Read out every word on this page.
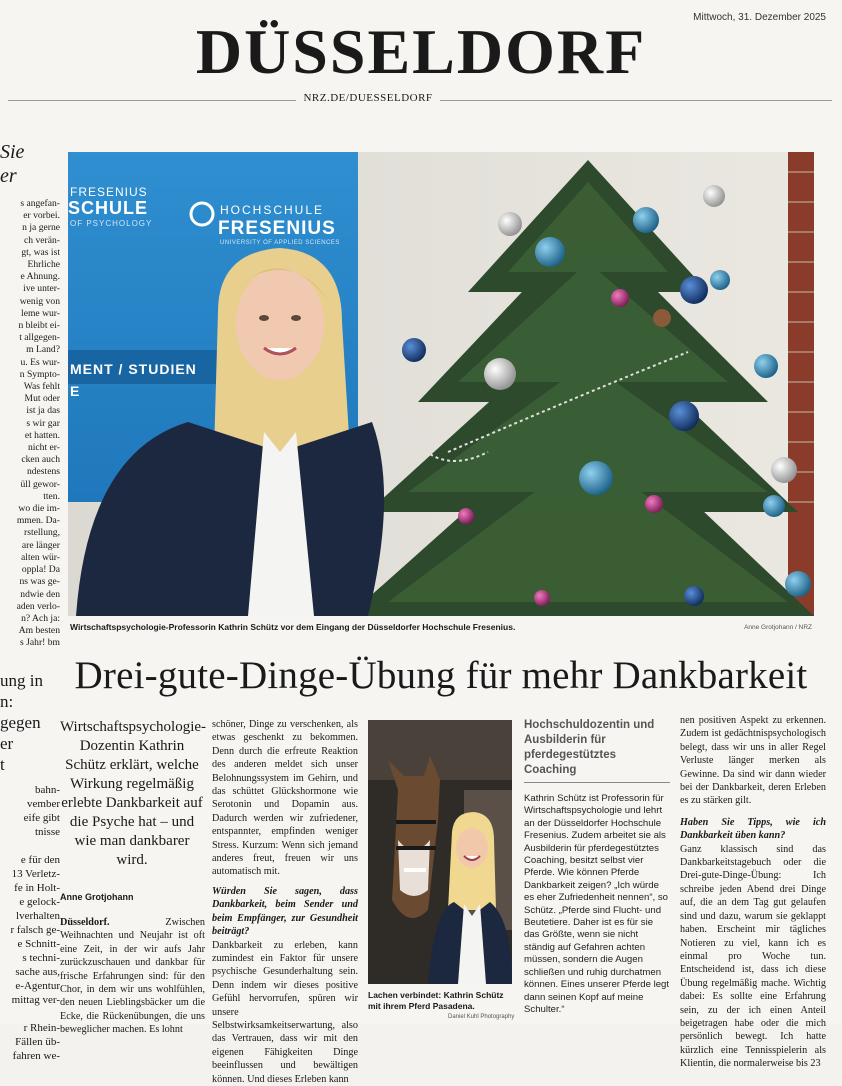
Mittwoch, 31. Dezember 2025
DÜSSELDORF
NRZ.DE/DUESSELDORF
Sie
er
s angefan-
er vorbei.
n ja gerne
ch verän-
gt, was ist
Ehrliche
e Ahnung.
ive unter-
wenig von
leme wur-
n bleibt ei-
t allgegen-
m Land?
u. Es wur-
n Sympto-
Was fehlt
Mut oder
ist ja das
s wir gar
et hatten.
nicht er-
cken auch
ndestens
üll gewor-
tten.
wo die im-
mmen. Da-
rstellung,
are länger
alten wür-
oppla! Da
ns was ge-
ndwie den
aden verlo-
n? Ach ja:
Am besten
s Jahr! bm
ung in
n:
gegen
er
t
bahn-
vember
eife gibt
tnisse

e für den
13 Verletz-
fe in Holt-
e gelock-
lverhalten
r falsch ge-
e Schnitt-
s techni-
sache aus,
e-Agentur
mittag ver-

r Rhein-
Fällen üb-
fahren we-
FRESENIUS
SCHULE
OF PSYCHOLOGY
HOCHSCHULE
FRESENIUS
UNIVERSITY OF APPLIED SCIENCES
MENT / STUDIEN
E
Wirtschaftspsychologie-Professorin Kathrin Schütz vor dem Eingang der Düsseldorfer Hochschule Fresenius.	Anne Grotjohann / NRZ
Drei-gute-Dinge-Übung für mehr Dankbarkeit
Wirtschaftspsychologie-Dozentin Kathrin Schütz erklärt, welche Wirkung regelmäßig erlebte Dankbarkeit auf die Psyche hat – und wie man dankbarer wird.
Anne Grotjohann

Düsseldorf.	Zwischen Weihnachten und Neujahr ist oft eine Zeit, in der wir aufs Jahr zurückzuschauen und dankbar für frische Erfahrungen sind: für den Chor, in dem wir uns wohlfühlen, den neuen Lieblingsbäcker um die Ecke, die Rückenübungen, die uns beweglicher machen. Es lohnt

schöner, Dinge zu verschenken, als etwas geschenkt zu bekommen. Denn durch die erfreute Reaktion des anderen meldet sich unser Belohnungssystem im Gehirn, und das schüttet Glückshormone wie Serotonin und Dopamin aus. Dadurch werden wir zufriedener, entspannter, empfinden weniger Stress. Kurzum: Wenn sich jemand anderes freut, freuen wir uns automatisch mit.

Würden Sie sagen, dass Dankbarkeit, beim Sender und beim Empfänger, zur Gesundheit beiträgt?

Dankbarkeit zu erleben, kann zumindest ein Faktor für unsere psychische Gesunderhaltung sein. Denn indem wir dieses positive Gefühl hervorrufen, spüren wir unsere Selbstwirksamkeitserwartung, also das Vertrauen, dass wir mit den eigenen Fähigkeiten Dinge beeinflussen und bewältigen können. Und dieses Erleben kann

Lachen verbindet: Kathrin Schütz mit ihrem Pferd Pasadena.
Daniel Kuhl Photography
Hochschuldozentin und Ausbilderin für pferdegestütztes Coaching
Kathrin Schütz ist Professorin für Wirtschaftspsychologie und lehrt an der Düsseldorfer Hochschule Fresenius. Zudem arbeitet sie als Ausbilderin für pferdegestütztes Coaching, besitzt selbst vier Pferde. Wie können Pferde Dankbarkeit zeigen? „Ich würde es eher Zufriedenheit nennen“, so Schütz. „Pferde sind Flucht- und Beutetiere. Daher ist es für sie das Größte, wenn sie nicht ständig auf Gefahren achten müssen, sondern die Augen schließen und ruhig durchatmen können. Eines unserer Pferde legt dann seinen Kopf auf meine Schulter.“

nen positiven Aspekt zu erkennen. Zudem ist gedächtnispsychologisch belegt, dass wir uns in aller Regel Verluste länger merken als Gewinne. Da sind wir dann wieder bei der Dankbarkeit, deren Erleben es zu stärken gilt.

Haben Sie Tipps, wie ich Dankbarkeit üben kann?

Ganz klassisch sind das Dankbarkeitstagebuch oder die Drei-gute-Dinge-Übung: Ich schreibe jeden Abend drei Dinge auf, die an dem Tag gut gelaufen sind und dazu, warum sie geklappt haben. Erscheint mir tägliches Notieren zu viel, kann ich es einmal pro Woche tun. Entscheidend ist, dass ich diese Übung regelmäßig mache. Wichtig dabei: Es sollte eine Erfahrung sein, zu der ich einen Anteil beigetragen habe oder die mich persönlich bewegt. Ich hatte kürzlich eine Tennisspielerin als Klientin, die normalerweise bis 23
